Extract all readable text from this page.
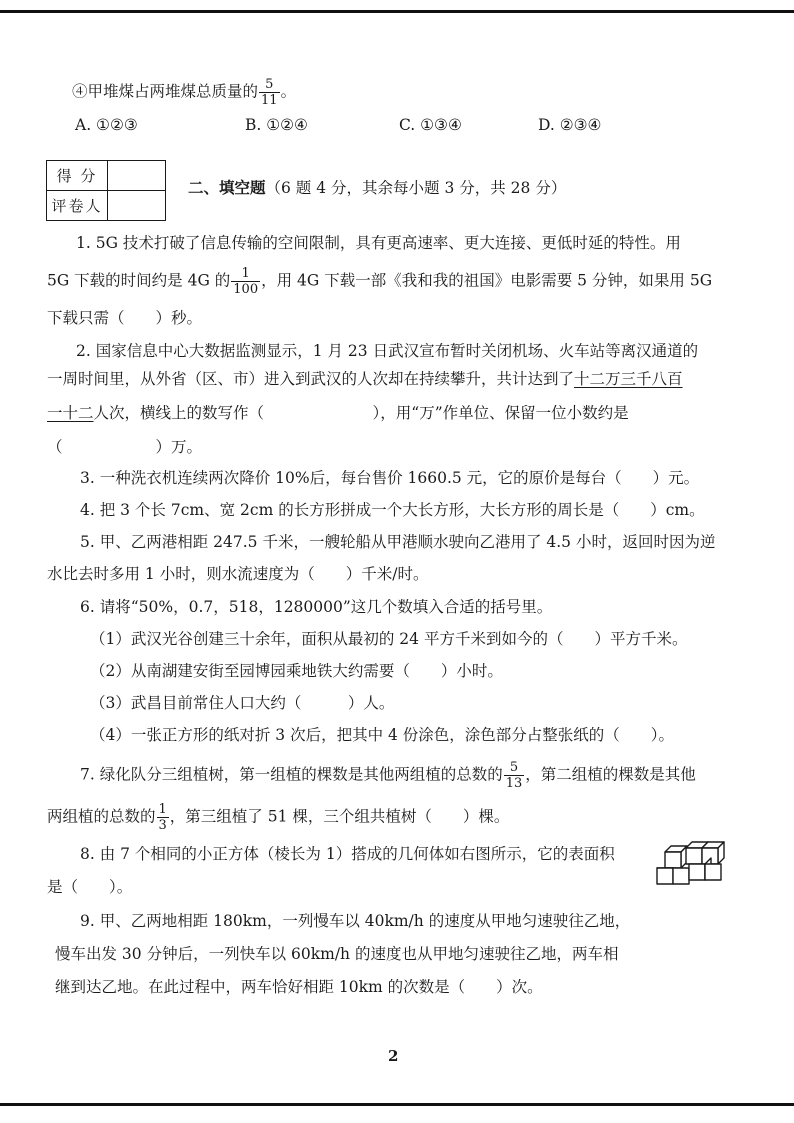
④甲堆煤占两堆煤总质量的 $\frac{5}{11}$ 。
A. ①②③	B. ①②④	C. ①③④	D. ②③④
得 分	
评卷人	
二、填空题（6 题 4 分，其余每小题 3 分，共 28 分）
1. 5G 技术打破了信息传输的空间限制，具有更高速率、更大连接、更低时延的特性。用
5G 下载的时间约是 4G 的 $\frac{1}{100}$ ，用 4G 下载一部《我和我的祖国》电影需要 5 分钟，如果用 5G
下载只需（　　）秒。
2. 国家信息中心大数据监测显示，1 月 23 日武汉宣布暂时关闭机场、火车站等离汉通道的
一周时间里，从外省（区、市）进入到武汉的人次却在持续攀升，共计达到了十二万三千八百
一十二人次，横线上的数写作（　　　　　　　），用“万”作单位、保留一位小数约是
（　　　　　　）万。
3. 一种洗衣机连续两次降价 10%后，每台售价 1660.5 元，它的原价是每台（　　）元。
4. 把 3 个长 7cm、宽 2cm 的长方形拼成一个大长方形，大长方形的周长是（　　）cm。
5. 甲、乙两港相距 247.5 千米，一艘轮船从甲港顺水驶向乙港用了 4.5 小时，返回时因为逆
水比去时多用 1 小时，则水流速度为（　　）千米/时。
6. 请将“50%，0.7，518，1280000”这几个数填入合适的括号里。
（1）武汉光谷创建三十余年，面积从最初的 24 平方千米到如今的（　　）平方千米。
（2）从南湖建安街至园博园乘地铁大约需要（　　）小时。
（3）武昌目前常住人口大约（　　　）人。
（4）一张正方形的纸对折 3 次后，把其中 4 份涂色，涂色部分占整张纸的（　　）。
7. 绿化队分三组植树，第一组植的棵数是其他两组植的总数的 $\frac{5}{13}$ ，第二组植的棵数是其他
两组植的总数的 $\frac{1}{3}$ ，第三组植了 51 棵，三个组共植树（　　）棵。
8. 由 7 个相同的小正方体（棱长为 1）搭成的几何体如右图所示，它的表面积
是（　　）。
9. 甲、乙两地相距 180km，一列慢车以 40km/h 的速度从甲地匀速驶往乙地，
慢车出发 30 分钟后，一列快车以 60km/h 的速度也从甲地匀速驶往乙地，两车相
继到达乙地。在此过程中，两车恰好相距 10km 的次数是（　　）次。
2
